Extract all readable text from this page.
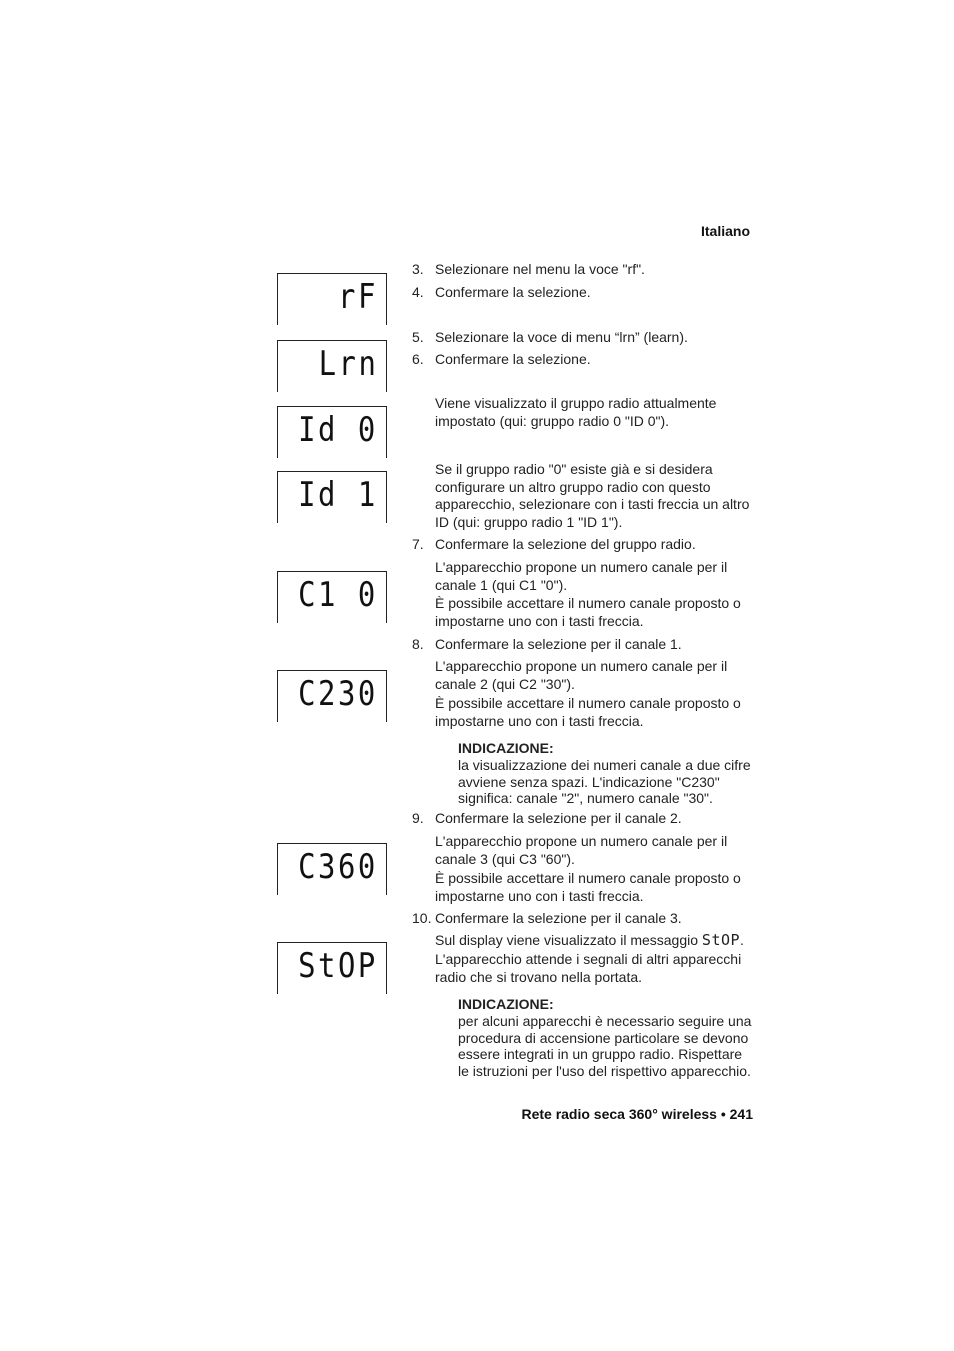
Italiano
rF
Lrn
Id 0
Id 1
C1 0
C230
C360
StOP
3. Selezionare nel menu la voce "rf".
4. Confermare la selezione.
5. Selezionare la voce di menu “lrn” (learn).
6. Confermare la selezione.
Viene visualizzato il gruppo radio attualmente impostato (qui: gruppo radio 0 "ID 0").
Se il gruppo radio "0" esiste già e si desidera configurare un altro gruppo radio con questo apparecchio, selezionare con i tasti freccia un altro ID (qui: gruppo radio 1 "ID 1").
7. Confermare la selezione del gruppo radio.
L'apparecchio propone un numero canale per il canale 1 (qui C1 "0").
È possibile accettare il numero canale proposto o impostarne uno con i tasti freccia.
8. Confermare la selezione per il canale 1.
L'apparecchio propone un numero canale per il canale 2 (qui C2 "30").
È possibile accettare il numero canale proposto o impostarne uno con i tasti freccia.
INDICAZIONE:
la visualizzazione dei numeri canale a due cifre avviene senza spazi. L'indicazione "C230" significa: canale "2", numero canale "30".
9. Confermare la selezione per il canale 2.
L'apparecchio propone un numero canale per il canale 3 (qui C3 "60").
È possibile accettare il numero canale proposto o impostarne uno con i tasti freccia.
10. Confermare la selezione per il canale 3.
Sul display viene visualizzato il messaggio StOP.
L'apparecchio attende i segnali di altri apparecchi radio che si trovano nella portata.
INDICAZIONE:
per alcuni apparecchi è necessario seguire una procedura di accensione particolare se devono essere integrati in un gruppo radio. Rispettare le istruzioni per l'uso del rispettivo apparecchio.
Rete radio seca 360° wireless • 241
